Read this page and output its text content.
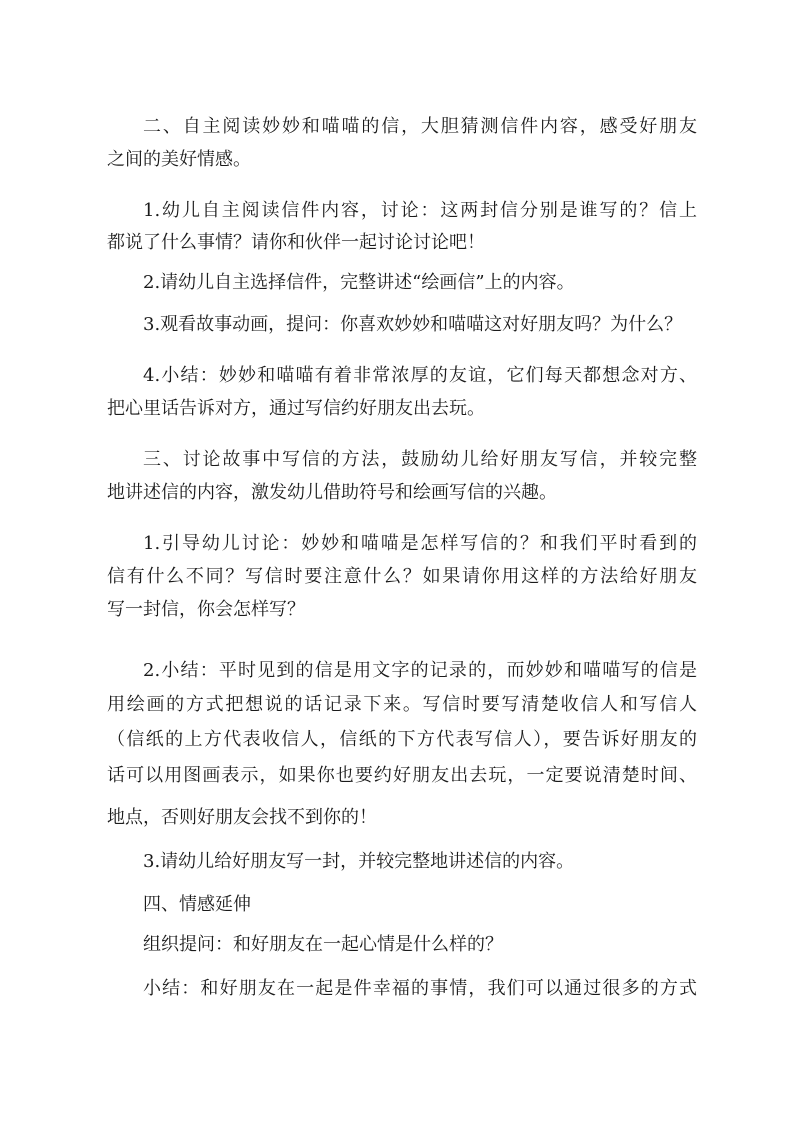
二、自主阅读妙妙和喵喵的信，大胆猜测信件内容，感受好朋友

之间的美好情感。

1.幼儿自主阅读信件内容，讨论：这两封信分别是谁写的？信上

都说了什么事情？请你和伙伴一起讨论讨论吧！

2.请幼儿自主选择信件，完整讲述“绘画信”上的内容。

3.观看故事动画，提问：你喜欢妙妙和喵喵这对好朋友吗？为什么？

4.小结：妙妙和喵喵有着非常浓厚的友谊，它们每天都想念对方、

把心里话告诉对方，通过写信约好朋友出去玩。

三、讨论故事中写信的方法，鼓励幼儿给好朋友写信，并较完整

地讲述信的内容，激发幼儿借助符号和绘画写信的兴趣。

1.引导幼儿讨论：妙妙和喵喵是怎样写信的？和我们平时看到的

信有什么不同？写信时要注意什么？如果请你用这样的方法给好朋友

写一封信，你会怎样写？

2.小结：平时见到的信是用文字的记录的，而妙妙和喵喵写的信是

用绘画的方式把想说的话记录下来。写信时要写清楚收信人和写信人

（信纸的上方代表收信人，信纸的下方代表写信人），要告诉好朋友的

话可以用图画表示，如果你也要约好朋友出去玩，一定要说清楚时间、

地点，否则好朋友会找不到你的！

3.请幼儿给好朋友写一封，并较完整地讲述信的内容。

四、情感延伸

组织提问：和好朋友在一起心情是什么样的？

小结：和好朋友在一起是件幸福的事情，我们可以通过很多的方式
